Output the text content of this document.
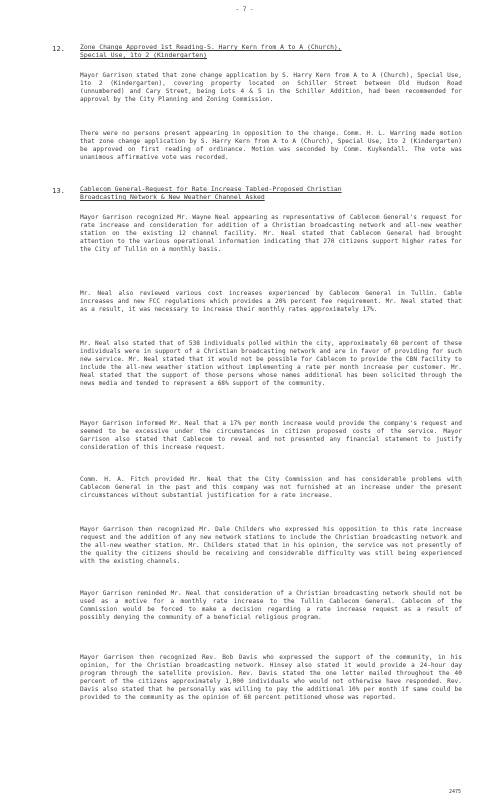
- 7 -
12. Zone Change Approved 1st Reading-S. Harry Kern from A to A (Church),
Special Use, 1to 2 (Kindergarten)
Mayor Garrison stated that zone change application by S. Harry Kern from A to A (Church), Special Use, 1to 2 (Kindergarten), covering property located on Schiller Street between Old Hudson Road (unnumbered) and Cary Street, being Lots 4 & 5 in the Schiller Addition, had been recommended for approval by the City Planning and Zoning Commission.
There were no persons present appearing in opposition to the change. Comm. H. L. Warring made motion that zone change application by S. Harry Kern from A to A (Church), Special Use, 1to 2 (Kindergarten) be approved on first reading of ordinance. Motion was seconded by Comm. Kuykendall. The vote was unanimous affirmative vote was recorded.
13. Cablecom General-Request for Rate Increase Tabled-Proposed Christian
Broadcasting Network & New Weather Channel Asked
Mayor Garrison recognized Mr. Wayne Neal appearing as representative of Cablecom General's request for rate increase and consideration for addition of a Christian broadcasting network and all-new weather station on the existing 12 channel facility. Mr. Neal stated that Cablecom General had brought attention to the various operational information indicating that 270 citizens support higher rates for the City of Tullin on a monthly basis.
Mr. Neal also reviewed various cost increases experienced by Cablecom General in Tullin. Cable increases and new FCC regulations which provides a 20% percent fee requirement. Mr. Neal stated that as a result, it was necessary to increase their monthly rates approximately 17%.
Mr. Neal also stated that of 538 individuals polled within the city, approximately 68 percent of these individuals were in support of a Christian broadcasting network and are in favor of providing for such new service. Mr. Neal stated that it would not be possible for Cablecom to provide the CBN facility to include the all-new weather station without implementing a rate per month increase per customer. Mr. Neal stated that the support of those persons whose names additional has been solicited through the news media and tended to represent a 68% support of the community.
Mayor Garrison informed Mr. Neal that a 17% per month increase would provide the company's request and seemed to be excessive under the circumstances in citizen proposed costs of the service. Mayor Garrison also stated that Cablecom to reveal and not presented any financial statement to justify consideration of this increase request.
Comm. H. A. Fitch provided Mr. Neal that the City Commission and has considerable problems with Cablecom General in the past and this company was not furnished at an increase under the present circumstances without substantial justification for a rate increase.
Mayor Garrison then recognized Mr. Dale Childers who expressed his opposition to this rate increase request and the addition of any new network stations to include the Christian broadcasting network and the all-new weather station. Mr. Childers stated that in his opinion, the service was not presently of the quality the citizens should be receiving and considerable difficulty was still being experienced with the existing channels.
Mayor Garrison reminded Mr. Neal that consideration of a Christian broadcasting network should not be used as a motive for a monthly rate increase to the Tullin Cablecom General. Cablecom of the Commission would be forced to make a decision regarding a rate increase request as a result of possibly denying the community of a beneficial religious program.
Mayor Garrison then recognized Rev. Bob Davis who expressed the support of the community, in his opinion, for the Christian broadcasting network. Hinsey also stated it would provide a 24-hour day program through the satellite provision. Rev. Davis stated the one letter mailed throughout the 40 percent of the citizens approximately 1,000 individuals who would not otherwise have responded. Rev. Davis also stated that he personally was willing to pay the additional 10% per month if same could be provided to the community as the opinion of 68 percent petitioned whose was reported.
2475
